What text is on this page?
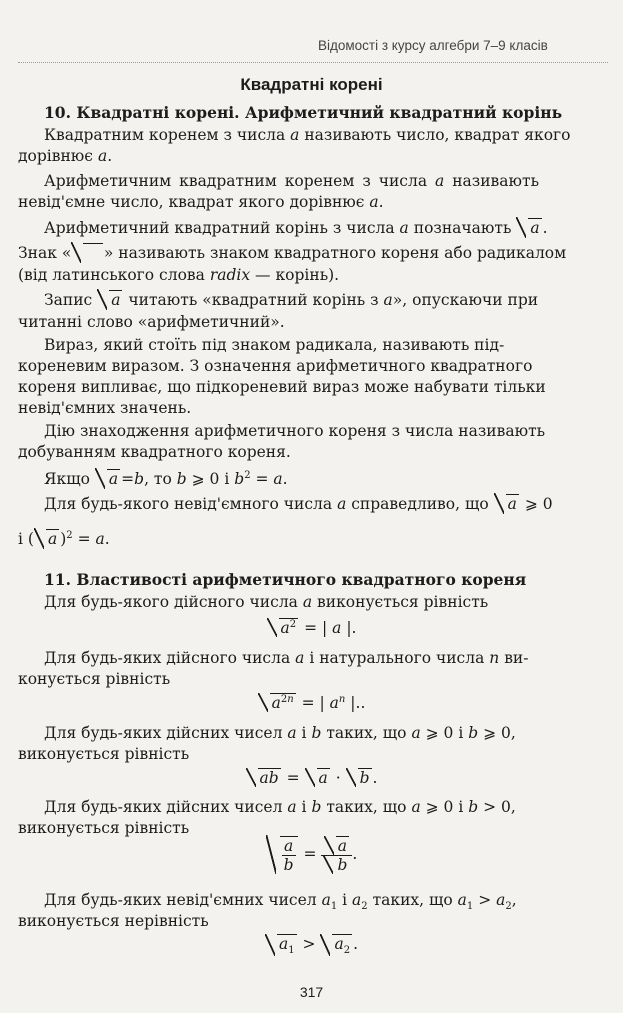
Відомості з курсу алгебри 7–9 класів
Квадратні корені
10. Квадратні корені. Арифметичний квадратний корінь
Квадратним коренем з числа a називають число, квадрат якого
дорівнює a.
Арифметичним квадратним коренем з числа a називають
невід'ємне число, квадрат якого дорівнює a.
Арифметичний квадратний корінь з числа a позначають a .
Знак «  » називають знаком квадратного кореня або радикалом
(від латинського слова radix — корінь).
Запис a читають «квадратний корінь з a», опускаючи при
читанні слово «арифметичний».
Вираз, який стоїть під знаком радикала, називають під-
кореневим виразом. З означення арифметичного квадратного
кореня випливає, що підкореневий вираз може набувати тільки
невід'ємних значень.
Дію знаходження арифметичного кореня з числа називають
добуванням квадратного кореня.
Якщо a =b, то b ⩾ 0 і $b^2 = a$.
Для будь-якого невід'ємного числа a справедливо, що a ⩾ 0
і ( a )$^2$ = a.
11. Властивості арифметичного квадратного кореня
Для будь-якого дійсного числа a виконується рівність
$a^2$ = | a |.
Для будь-яких дійсного числа a і натурального числа n ви-
конується рівність
$a^{2n}$ = | $a^n$ |..
Для будь-яких дійсних чисел a і b таких, що a ⩾ 0 і b ⩾ 0,
виконується рівність
ab = a · b .
Для будь-яких дійсних чисел a і b таких, що a ⩾ 0 і b > 0,
виконується рівність
$\frac{a}{b} = \frac{a}{b}$ .
Для будь-яких невід'ємних чисел $a_1$ і $a_2$ таких, що $a_1 > a_2$,
виконується нерівність
$a_1 > a_2$ .
317
